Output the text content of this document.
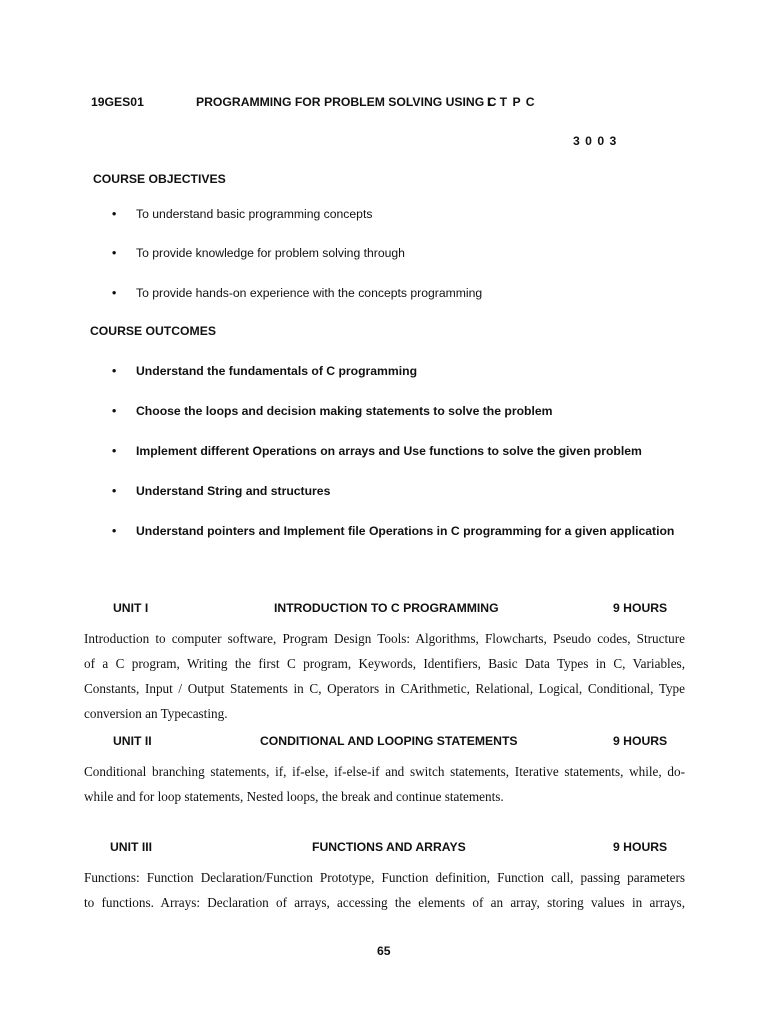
19GES01	PROGRAMMING FOR PROBLEM SOLVING USING C
L T P C
3 0 0 3
COURSE OBJECTIVES
• To understand basic programming concepts
• To provide knowledge for problem solving through
• To provide hands-on experience with the concepts programming
COURSE OUTCOMES
• Understand the fundamentals of C programming
• Choose the loops and decision making statements to solve the problem
• Implement different Operations on arrays and Use functions to solve the given problem
• Understand String and structures
• Understand pointers and Implement file Operations in C programming for a given application
UNIT I	INTRODUCTION TO C PROGRAMMING	9 HOURS
Introduction to computer software, Program Design Tools: Algorithms, Flowcharts, Pseudo codes, Structure
of a C program, Writing the first C program, Keywords, Identifiers, Basic Data Types in C, Variables,
Constants, Input / Output Statements in C, Operators in CArithmetic, Relational, Logical, Conditional, Type
conversion an Typecasting.
UNIT II	CONDITIONAL AND LOOPING STATEMENTS	9 HOURS
Conditional branching statements, if, if-else, if-else-if and switch statements, Iterative statements, while, do-
while and for loop statements, Nested loops, the break and continue statements.
UNIT III	FUNCTIONS AND ARRAYS	9 HOURS
Functions: Function Declaration/Function Prototype, Function definition, Function call, passing parameters
to functions. Arrays: Declaration of arrays, accessing the elements of an array, storing values in arrays,
65
